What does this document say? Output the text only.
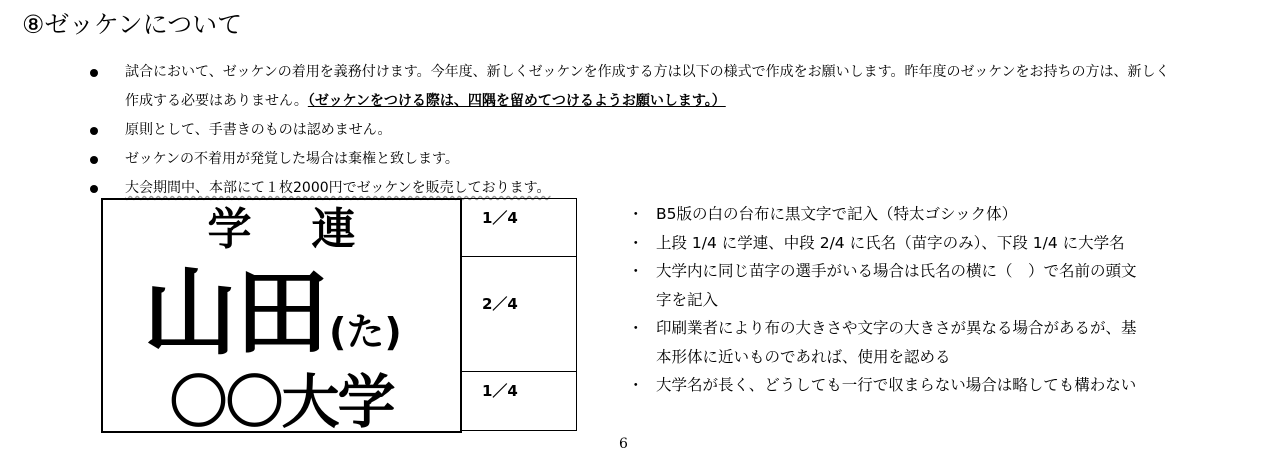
⑧ゼッケンについて
試合において、ゼッケンの着用を義務付けます。今年度、新しくゼッケンを作成する方は以下の様式で作成をお願いします。昨年度のゼッケンをお持ちの方は、新しく
作成する必要はありません。（ゼッケンをつける際は、四隅を留めてつけるようお願いします。）
原則として、手書きのものは認めません。
ゼッケンの不着用が発覚した場合は棄権と致します。
大会期間中、本部にて１枚2000円でゼッケンを販売しております。
学連
山田(た)
〇〇大学
1／4
2／4
1／4
・ B5版の白の台布に黒文字で記入（特太ゴシック体）
・ 上段 1/4 に学連、中段 2/4 に氏名（苗字のみ）、下段 1/4 に大学名
・ 大学内に同じ苗字の選手がいる場合は氏名の横に（　）で名前の頭文
字を記入
・ 印刷業者により布の大きさや文字の大きさが異なる場合があるが、基
本形体に近いものであれば、使用を認める
・ 大学名が長く、どうしても一行で収まらない場合は略しても構わない
6
